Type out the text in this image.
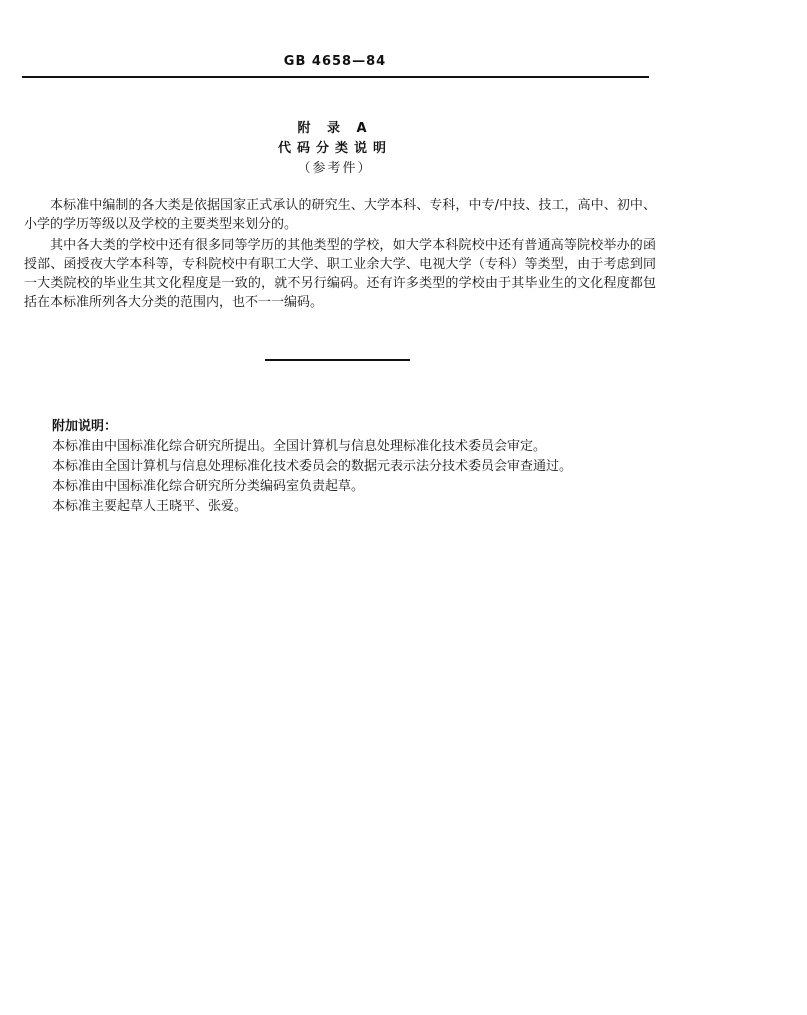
GB 4658—84
附 录 A
代码分类说明
（参考件）

本标准中编制的各大类是依据国家正式承认的研究生、大学本科、专科，中专/中技、技工，高中、初中、小学的学历等级以及学校的主要类型来划分的。

其中各大类的学校中还有很多同等学历的其他类型的学校，如大学本科院校中还有普通高等院校举办的函授部、函授夜大学本科等，专科院校中有职工大学、职工业余大学、电视大学（专科）等类型，由于考虑到同一大类院校的毕业生其文化程度是一致的，就不另行编码。还有许多类型的学校由于其毕业生的文化程度都包括在本标准所列各大分类的范围内，也不一一编码。

附加说明：
本标准由中国标准化综合研究所提出。全国计算机与信息处理标准化技术委员会审定。
本标准由全国计算机与信息处理标准化技术委员会的数据元表示法分技术委员会审查通过。
本标准由中国标准化综合研究所分类编码室负责起草。
本标准主要起草人王晓平、张爱。
